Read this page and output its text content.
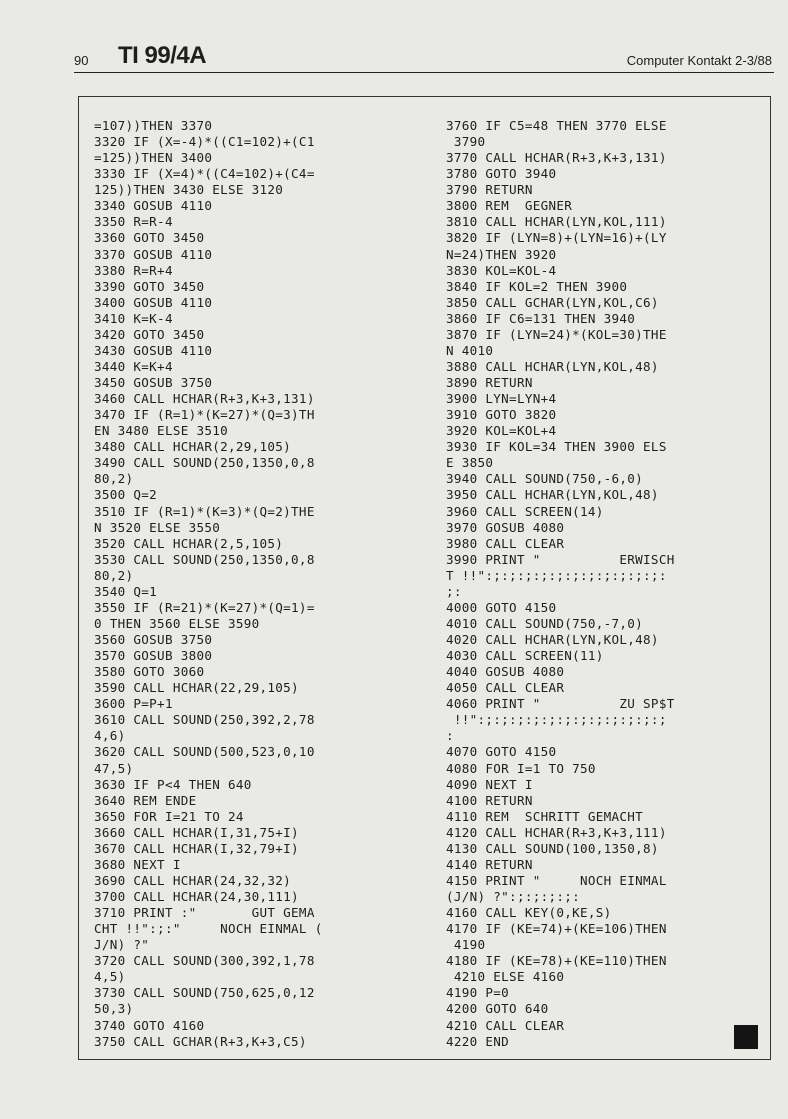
90 TI 99/4A	Computer Kontakt 2-3/88
=107))THEN 3370
3320 IF (X=-4)*((C1=102)+(C1
=125))THEN 3400
3330 IF (X=4)*((C4=102)+(C4=
125))THEN 3430 ELSE 3120
3340 GOSUB 4110
3350 R=R-4
3360 GOTO 3450
3370 GOSUB 4110
3380 R=R+4
3390 GOTO 3450
3400 GOSUB 4110
3410 K=K-4
3420 GOTO 3450
3430 GOSUB 4110
3440 K=K+4
3450 GOSUB 3750
3460 CALL HCHAR(R+3,K+3,131)
3470 IF (R=1)*(K=27)*(Q=3)TH
EN 3480 ELSE 3510
3480 CALL HCHAR(2,29,105)
3490 CALL SOUND(250,1350,0,8
80,2)
3500 Q=2
3510 IF (R=1)*(K=3)*(Q=2)THE
N 3520 ELSE 3550
3520 CALL HCHAR(2,5,105)
3530 CALL SOUND(250,1350,0,8
80,2)
3540 Q=1
3550 IF (R=21)*(K=27)*(Q=1)=
0 THEN 3560 ELSE 3590
3560 GOSUB 3750
3570 GOSUB 3800
3580 GOTO 3060
3590 CALL HCHAR(22,29,105)
3600 P=P+1
3610 CALL SOUND(250,392,2,78
4,6)
3620 CALL SOUND(500,523,0,10
47,5)
3630 IF P<4 THEN 640
3640 REM ENDE
3650 FOR I=21 TO 24
3660 CALL HCHAR(I,31,75+I)
3670 CALL HCHAR(I,32,79+I)
3680 NEXT I
3690 CALL HCHAR(24,32,32)
3700 CALL HCHAR(24,30,111)
3710 PRINT :"       GUT GEMA
CHT !!":;:"     NOCH EINMAL (
J/N) ?"
3720 CALL SOUND(300,392,1,78
4,5)
3730 CALL SOUND(750,625,0,12
50,3)
3740 GOTO 4160
3750 CALL GCHAR(R+3,K+3,C5)
3760 IF C5=48 THEN 3770 ELSE
3790
3770 CALL HCHAR(R+3,K+3,131)
3780 GOTO 3940
3790 RETURN
3800 REM  GEGNER
3810 CALL HCHAR(LYN,KOL,111)
3820 IF (LYN=8)+(LYN=16)+(LY
N=24)THEN 3920
3830 KOL=KOL-4
3840 IF KOL=2 THEN 3900
3850 CALL GCHAR(LYN,KOL,C6)
3860 IF C6=131 THEN 3940
3870 IF (LYN=24)*(KOL=30)THE
N 4010
3880 CALL HCHAR(LYN,KOL,48)
3890 RETURN
3900 LYN=LYN+4
3910 GOTO 3820
3920 KOL=KOL+4
3930 IF KOL=34 THEN 3900 ELS
E 3850
3940 CALL SOUND(750,-6,0)
3950 CALL HCHAR(LYN,KOL,48)
3960 CALL SCREEN(14)
3970 GOSUB 4080
3980 CALL CLEAR
3990 PRINT "          ERWISCH
T !!":;:;:;:;:;:;:;:;:;:;:;:
;:
4000 GOTO 4150
4010 CALL SOUND(750,-7,0)
4020 CALL HCHAR(LYN,KOL,48)
4030 CALL SCREEN(11)
4040 GOSUB 4080
4050 CALL CLEAR
4060 PRINT "          ZU SP$T
!!":;:;:;:;:;:;:;:;:;:;:;:;
:
4070 GOTO 4150
4080 FOR I=1 TO 750
4090 NEXT I
4100 RETURN
4110 REM  SCHRITT GEMACHT
4120 CALL HCHAR(R+3,K+3,111)
4130 CALL SOUND(100,1350,8)
4140 RETURN
4150 PRINT "     NOCH EINMAL
(J/N) ?":;:;:;:;:
4160 CALL KEY(0,KE,S)
4170 IF (KE=74)+(KE=106)THEN
4190
4180 IF (KE=78)+(KE=110)THEN
4210 ELSE 4160
4190 P=0
4200 GOTO 640
4210 CALL CLEAR
4220 END
